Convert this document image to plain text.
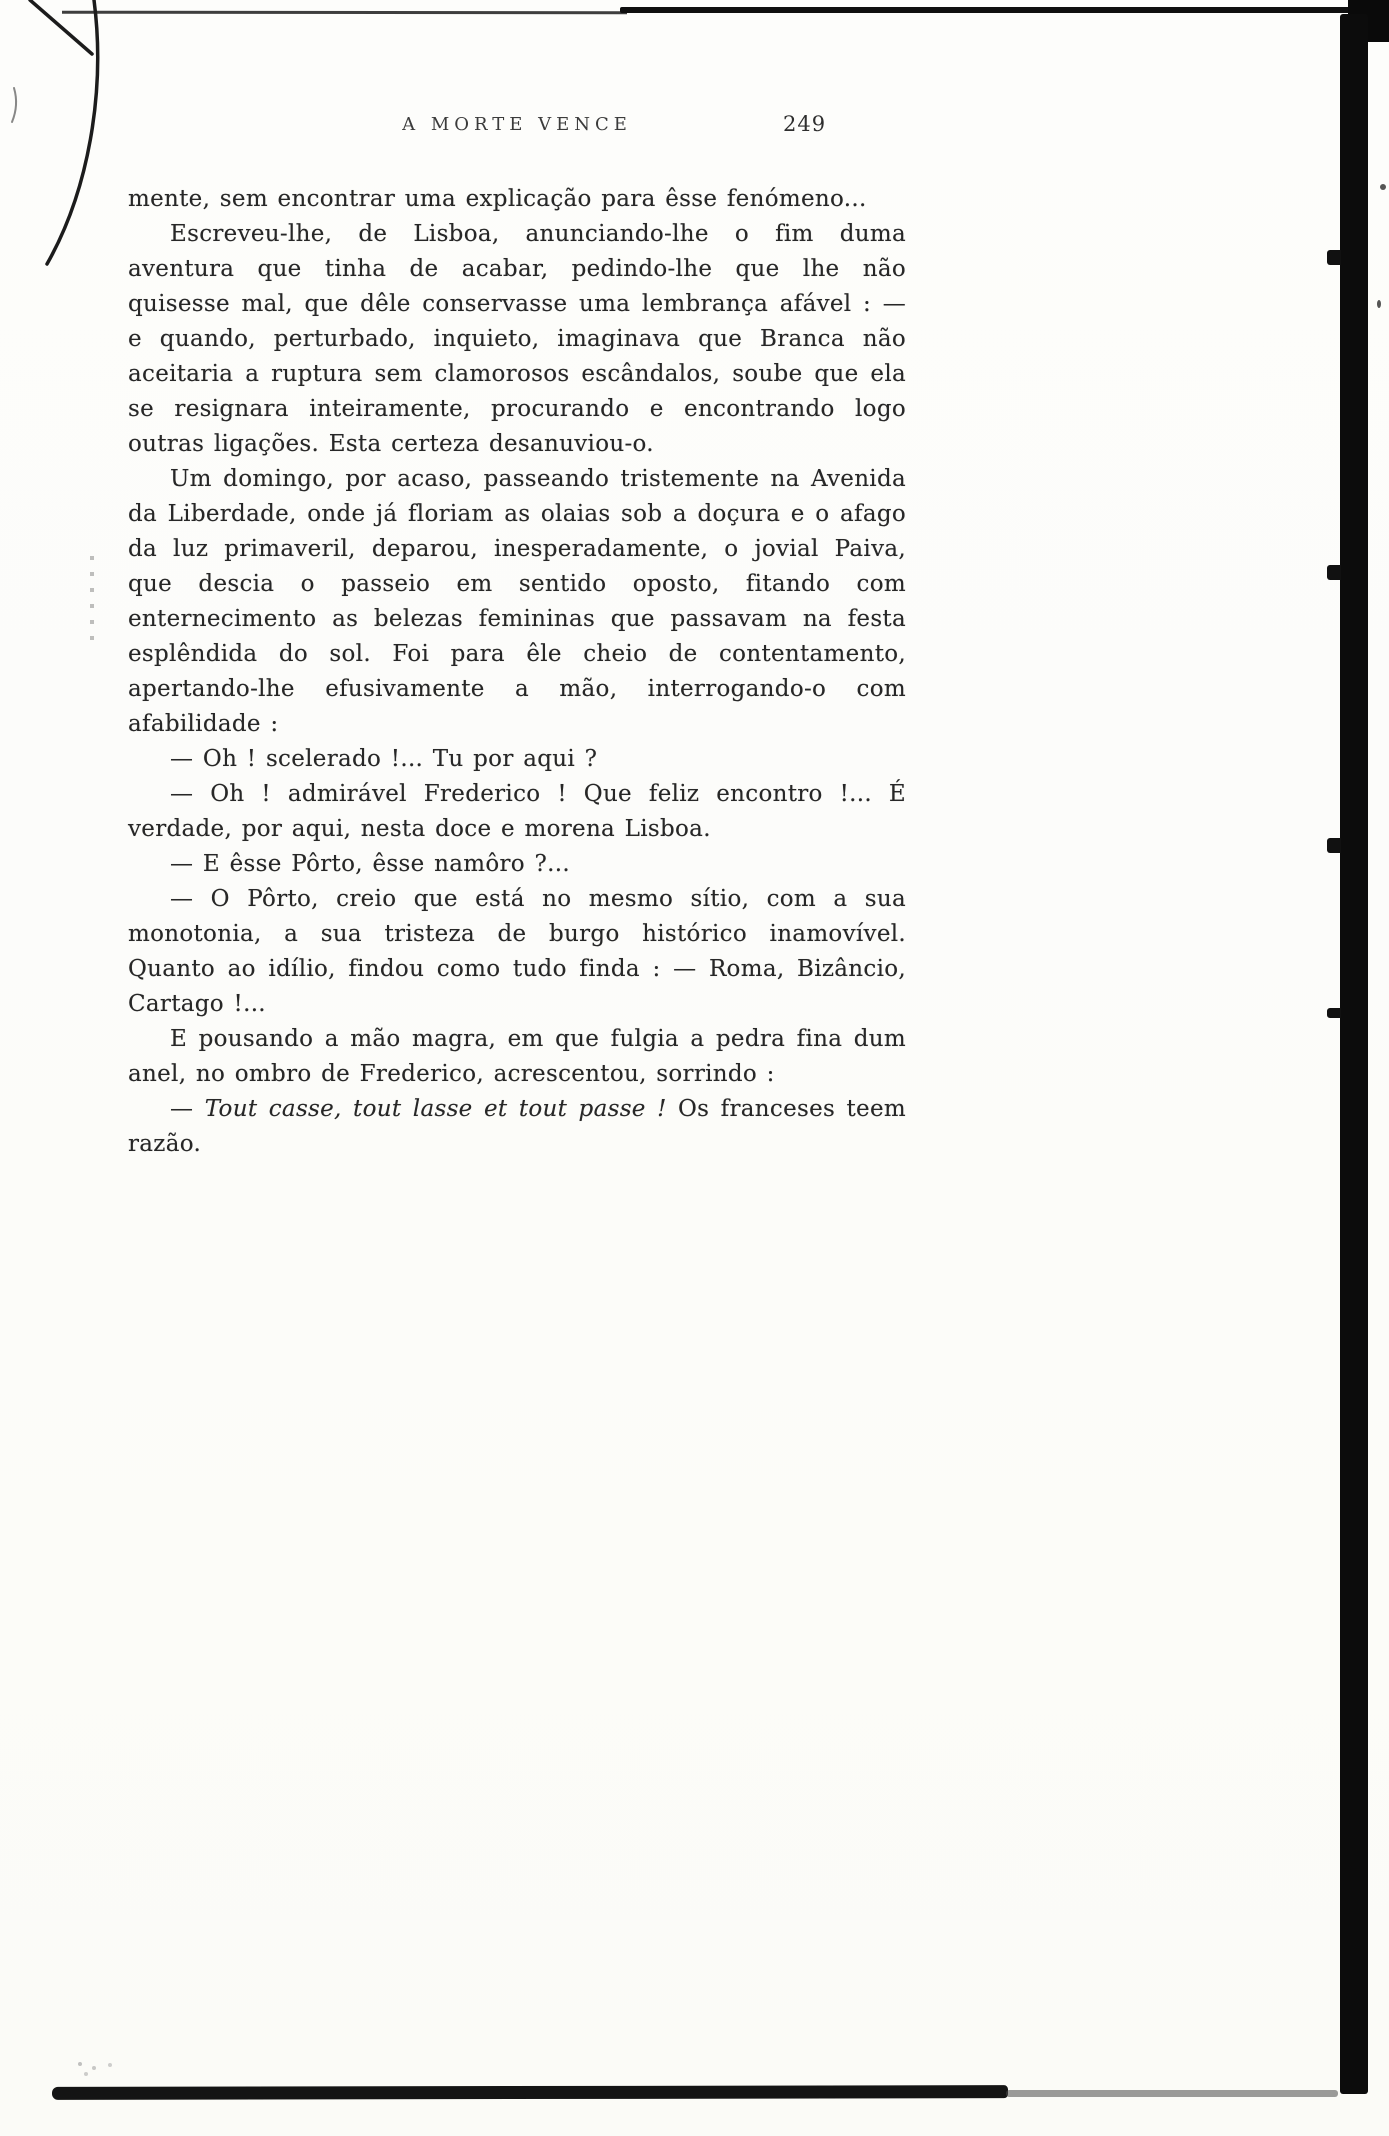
A MORTE VENCE	249

mente, sem encontrar uma explicação para êsse fenómeno...

Escreveu-lhe, de Lisboa, anunciando-lhe o fim duma aventura que tinha de acabar, pedindo-lhe que lhe não quisesse mal, que dêle conservasse uma lembrança afável : — e quando, perturbado, inquieto, imaginava que Branca não aceitaria a ruptura sem clamorosos escândalos, soube que ela se resignara inteiramente, procurando e encontrando logo outras ligações. Esta certeza desanuviou-o.

Um domingo, por acaso, passeando tristemente na Avenida da Liberdade, onde já floriam as olaias sob a doçura e o afago da luz primaveril, deparou, inesperadamente, o jovial Paiva, que descia o passeio em sentido oposto, fitando com enternecimento as belezas femininas que passavam na festa esplêndida do sol. Foi para êle cheio de contentamento, apertando-lhe efusivamente a mão, interrogando-o com afabilidade :

— Oh ! scelerado !... Tu por aqui ?

— Oh ! admirável Frederico ! Que feliz encontro !... É verdade, por aqui, nesta doce e morena Lisboa.

— E êsse Pôrto, êsse namôro ?...

— O Pôrto, creio que está no mesmo sítio, com a sua monotonia, a sua tristeza de burgo histórico inamovível. Quanto ao idílio, findou como tudo finda : — Roma, Bizâncio, Cartago !...

E pousando a mão magra, em que fulgia a pedra fina dum anel, no ombro de Frederico, acrescentou, sorrindo :

— Tout casse, tout lasse et tout passe ! Os franceses teem razão.
